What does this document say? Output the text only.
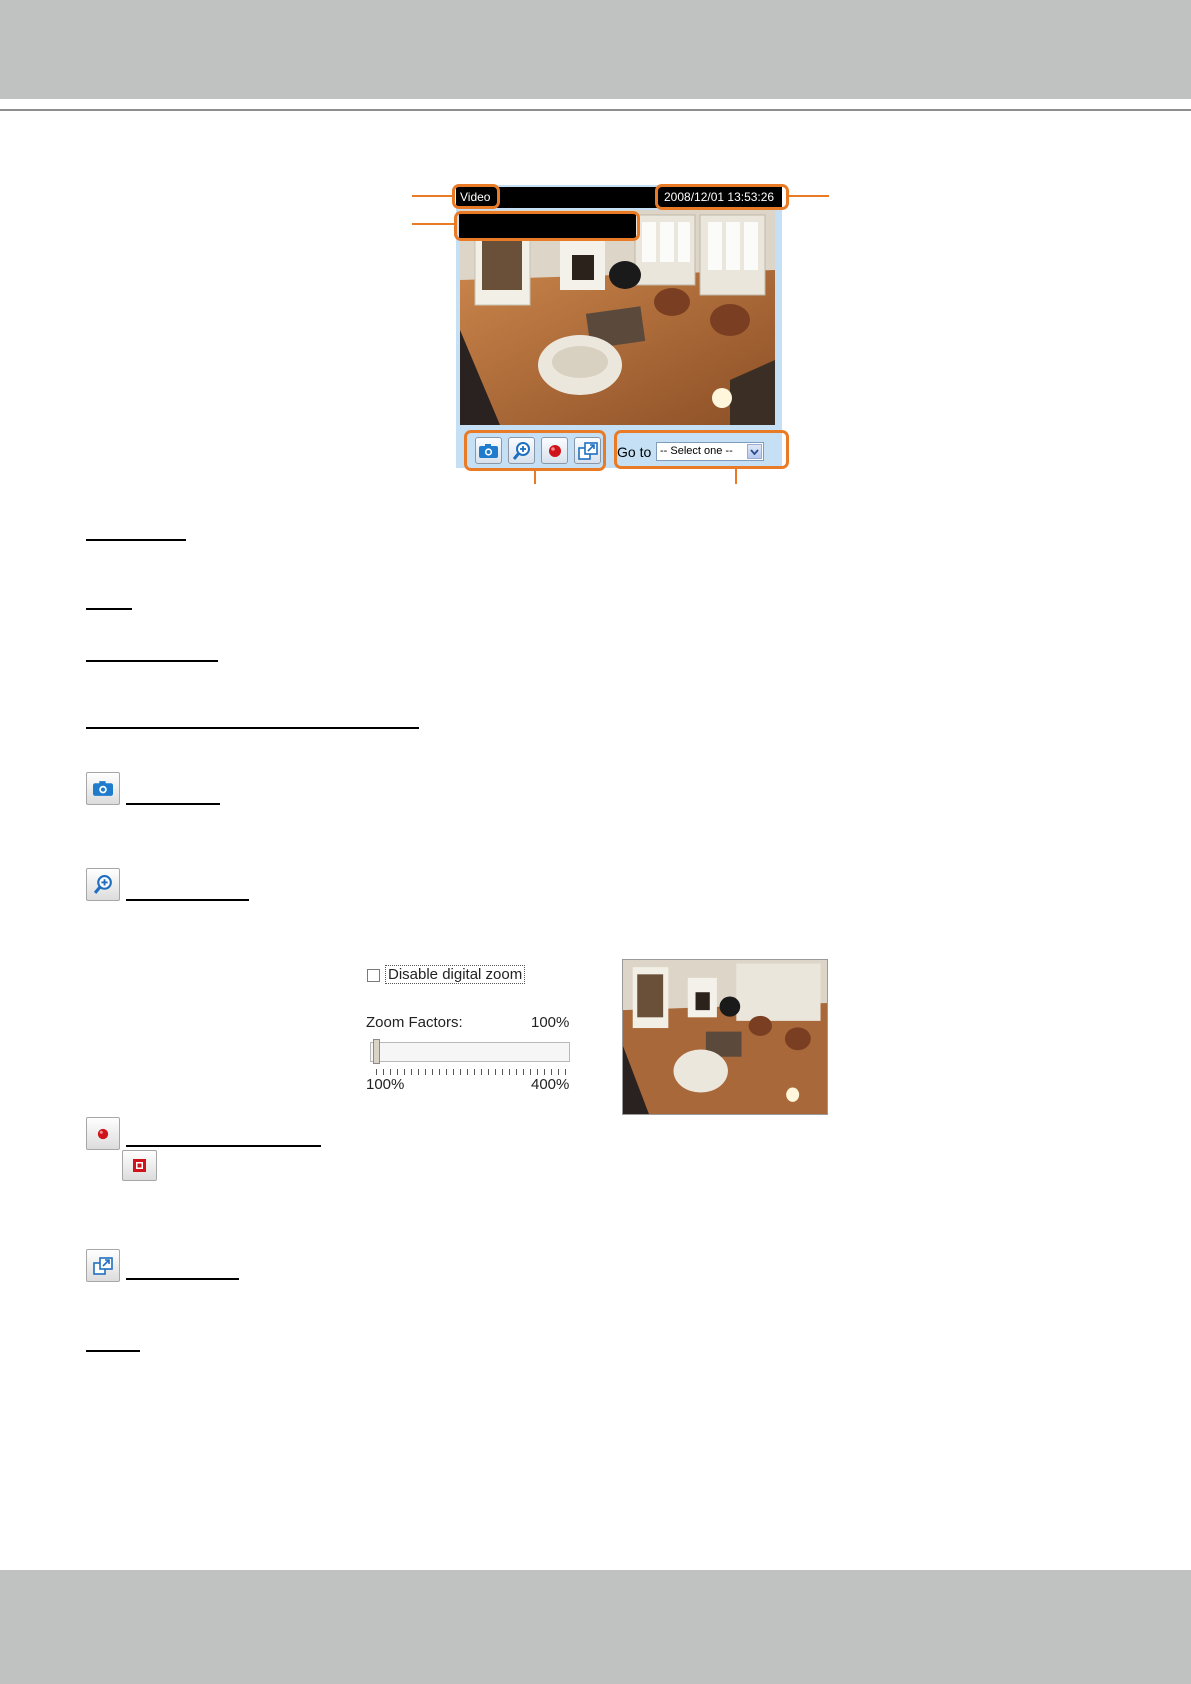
Video	2008/12/01 13:53:26
Go to -- Select one --
Disable digital zoom
Zoom Factors:	100%
100%	400%
